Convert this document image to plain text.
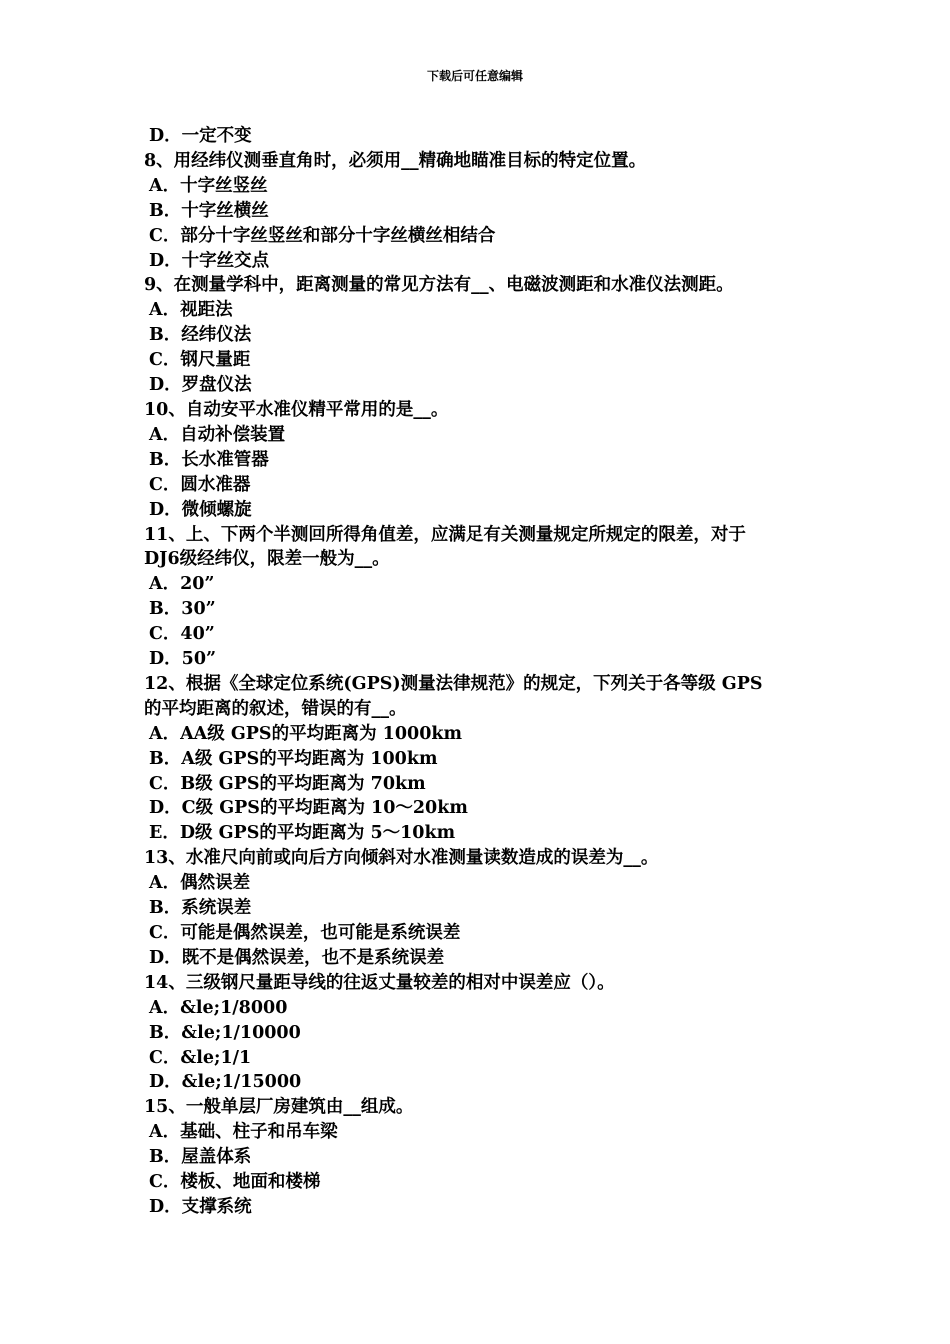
下载后可任意编辑
D．一定不变
8、用经纬仪测垂直角时，必须用__精确地瞄准目标的特定位置。
A．十字丝竖丝
B．十字丝横丝
C．部分十字丝竖丝和部分十字丝横丝相结合
D．十字丝交点
9、在测量学科中，距离测量的常见方法有__、电磁波测距和水准仪法测距。
A．视距法
B．经纬仪法
C．钢尺量距
D．罗盘仪法
10、自动安平水准仪精平常用的是__。
A．自动补偿装置
B．长水准管器
C．圆水准器
D．微倾螺旋
11、上、下两个半测回所得角值差，应满足有关测量规定所规定的限差，对于
DJ6级经纬仪，限差一般为__。
A．20”
B．30”
C．40”
D．50”
12、根据《全球定位系统(GPS)测量法律规范》的规定，下列关于各等级 GPS
的平均距离的叙述，错误的有__。
A．AA级 GPS的平均距离为 1000km
B．A级 GPS的平均距离为 100km
C．B级 GPS的平均距离为 70km
D．C级 GPS的平均距离为 10～20km
E．D级 GPS的平均距离为 5～10km
13、水准尺向前或向后方向倾斜对水准测量读数造成的误差为__。
A．偶然误差
B．系统误差
C．可能是偶然误差，也可能是系统误差
D．既不是偶然误差，也不是系统误差
14、三级钢尺量距导线的往返丈量较差的相对中误差应（）。
A．&le;1/8000
B．&le;1/10000
C．&le;1/1
D．&le;1/15000
15、一般单层厂房建筑由__组成。
A．基础、柱子和吊车梁
B．屋盖体系
C．楼板、地面和楼梯
D．支撑系统
